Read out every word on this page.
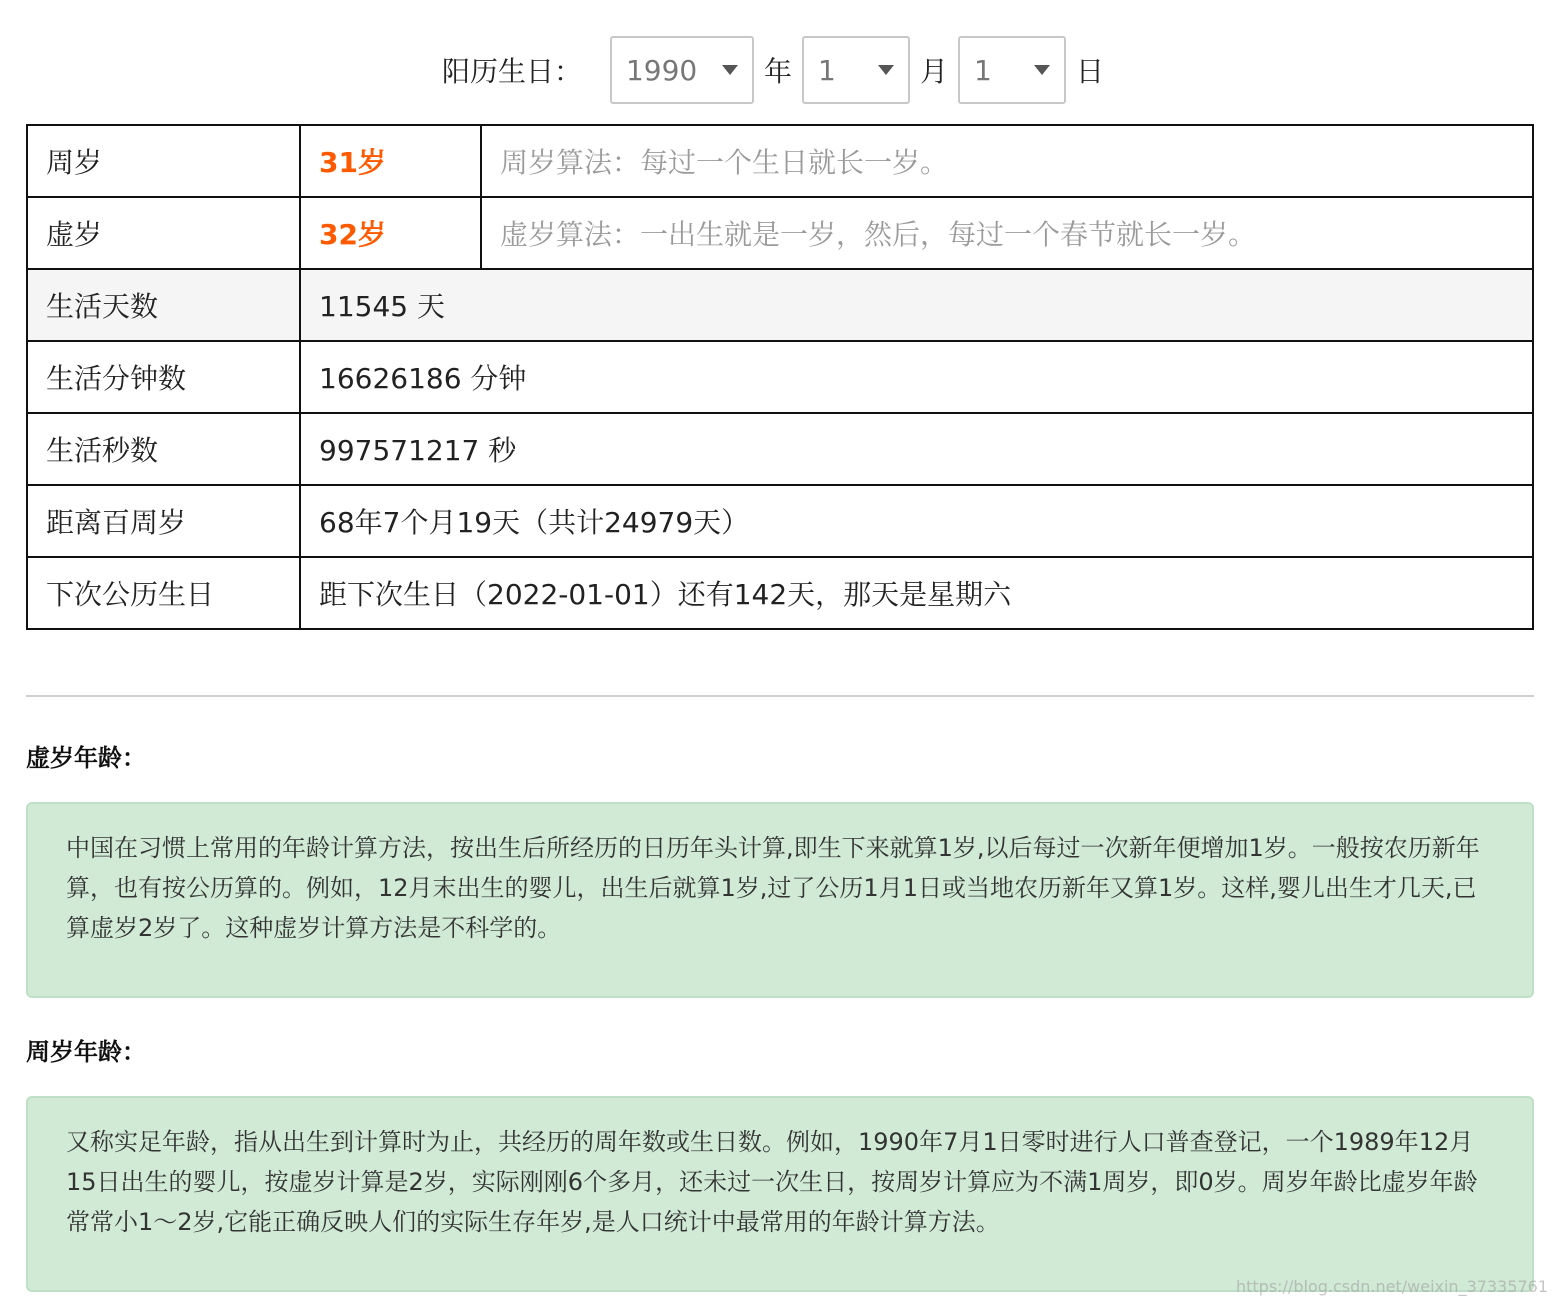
阳历生日： 1990 年 1	月 1	日
周岁	31岁	周岁算法：每过一个生日就长一岁。
虚岁	32岁	虚岁算法：一出生就是一岁，然后，每过一个春节就长一岁。
生活天数	11545 天	
生活分钟数	16626186 分钟	
生活秒数	997571217 秒	
距离百周岁	68年7个月19天（共计24979天）	
下次公历生日	距下次生日（2022-01-01）还有142天，那天是星期六	
虚岁年龄：
中国在习惯上常用的年龄计算方法，按出生后所经历的日历年头计算,即生下来就算1岁,以后每过一次新年便增加1岁。一般按农历新年算，也有按公历算的。例如，12月末出生的婴儿，出生后就算1岁,过了公历1月1日或当地农历新年又算1岁。这样,婴儿出生才几天,已算虚岁2岁了。这种虚岁计算方法是不科学的。
周岁年龄：
又称实足年龄，指从出生到计算时为止，共经历的周年数或生日数。例如，1990年7月1日零时进行人口普查登记，一个1989年12月15日出生的婴儿，按虚岁计算是2岁，实际刚刚6个多月，还未过一次生日，按周岁计算应为不满1周岁，即0岁。周岁年龄比虚岁年龄常常小1～2岁,它能正确反映人们的实际生存年岁,是人口统计中最常用的年龄计算方法。
https://blog.csdn.net/weixin_37335761
